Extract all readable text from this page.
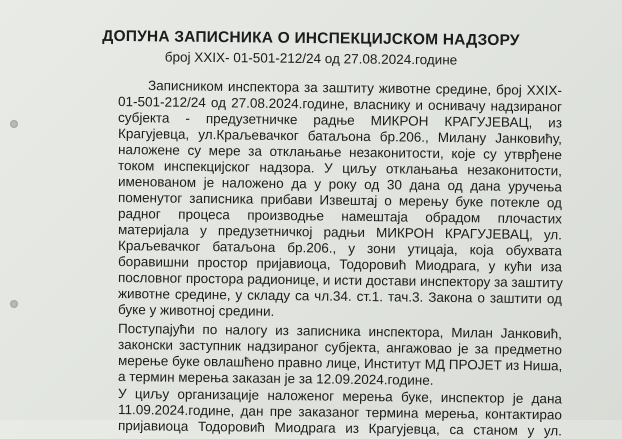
ДОПУНА ЗАПИСНИКА О ИНСПЕКЦИЈСКОМ НАДЗОРУ
број XXIX- 01-501-212/24 од 27.08.2024.године
Записником инспектора за заштиту животне средине, број XXIX-
01-501-212/24 од 27.08.2024.године, власнику и оснивачу надзираног
субјекта - предузетничке радње МИКРОН КРАГУЈЕВАЦ, из
Крагујевца, ул.Краљевачког батаљона бр.206., Милану Јанковићу,
наложене су мере за отклањање незаконитости, које су утврђене
током инспекцијског надзора. У циљу отклањања незаконитости,
именованом је наложено да у року од 30 дана од дана уручења
поменутог записника прибави Извештај о мерењу буке потекле од
радног процеса производње намештаја обрадом плочастих
материјала у предузетничкој радњи МИКРОН КРАГУЈЕВАЦ, ул.
Краљевачког батаљона бр.206., у зони утицаја, која обухвата
боравишни простор пријавиоца, Тодоровић Миодрага, у кући иза
пословног простора радионице, и исти достави инспектору за заштиту
животне средине, у складу са чл.34. ст.1. тач.3. Закона о заштити од
буке у животној средини.
Поступајући по налогу из записника инспектора, Милан Јанковић,
законски заступник надзираног субјекта, ангажовао је за предметно
мерење буке овлашћено правно лице, Институт МД ПРОЈЕТ из Ниша,
а термин мерења заказан је за 12.09.2024.године.
У циљу организације наложеног мерења буке, инспектор је дана
11.09.2024.године, дан пре заказаног термина мерења, контактирао
пријавиоца Тодоровић Миодрага из Крагујевца, са станом у ул.
